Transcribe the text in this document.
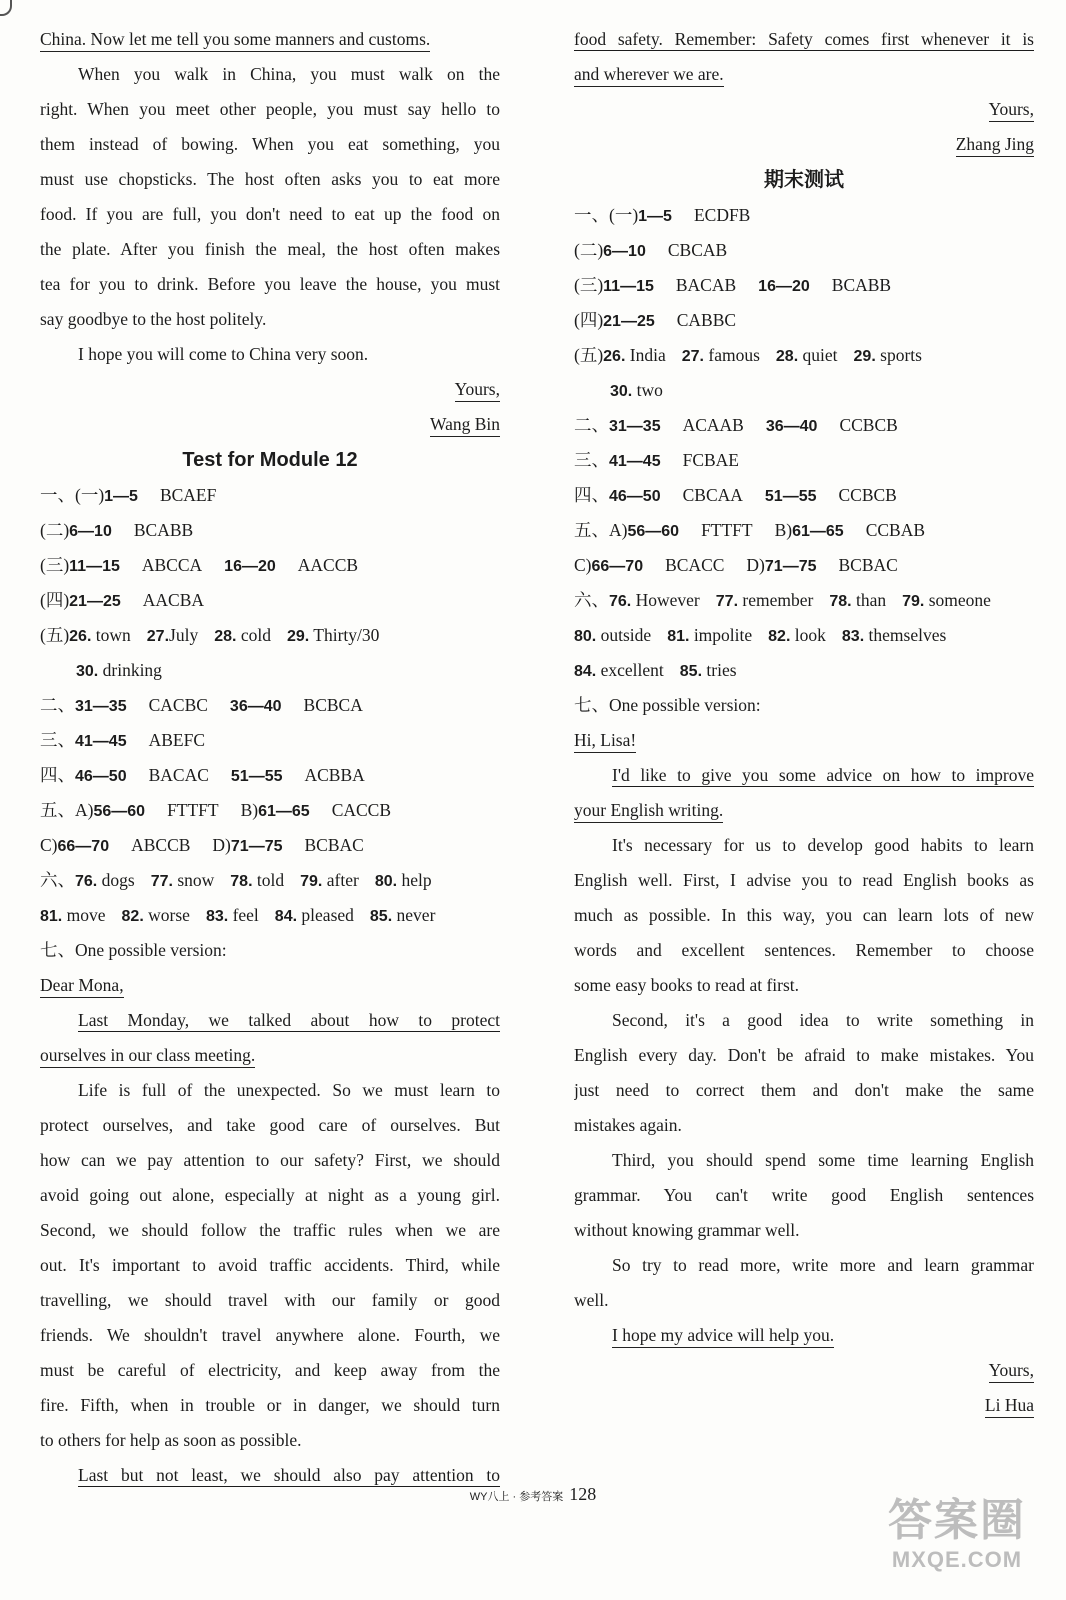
China. Now let me tell you some manners and customs.
When you walk in China, you must walk on the
right. When you meet other people, you must say hello to
them instead of bowing. When you eat something, you
must use chopsticks. The host often asks you to eat more
food. If you are full, you don't need to eat up the food on
the plate. After you finish the meal, the host often makes
tea for you to drink. Before you leave the house, you must
say goodbye to the host politely.
I hope you will come to China very soon.
Yours,
Wang Bin
Test for Module 12
一、(一)1—5 BCAEF
(二)6—10 BCABB
(三)11—15 ABCCA 16—20 AACCB
(四)21—25 AACBA
(五)26. town 27.July 28. cold 29. Thirty/30
30. drinking
二、31—35 CACBC 36—40 BCBCA
三、41—45 ABEFC
四、46—50 BACAC 51—55 ACBBA
五、A)56—60 FTTFT B)61—65 CACCB
C)66—70 ABCCB D)71—75 BCBAC
六、76. dogs 77. snow 78. told 79. after 80. help
81. move 82. worse 83. feel 84. pleased 85. never
七、One possible version:
Dear Mona,
Last Monday, we talked about how to protect
ourselves in our class meeting.
Life is full of the unexpected. So we must learn to
protect ourselves, and take good care of ourselves. But
how can we pay attention to our safety? First, we should
avoid going out alone, especially at night as a young girl.
Second, we should follow the traffic rules when we are
out. It's important to avoid traffic accidents. Third, while
travelling, we should travel with our family or good
friends. We shouldn't travel anywhere alone. Fourth, we
must be careful of electricity, and keep away from the
fire. Fifth, when in trouble or in danger, we should turn
to others for help as soon as possible.
Last but not least, we should also pay attention to
food safety. Remember: Safety comes first whenever it is
and wherever we are.
Yours,
Zhang Jing
期末测试
一、(一)1—5 ECDFB
(二)6—10 CBCAB
(三)11—15 BACAB 16—20 BCABB
(四)21—25 CABBC
(五)26. India 27. famous 28. quiet 29. sports
30. two
二、31—35 ACAAB 36—40 CCBCB
三、41—45 FCBAE
四、46—50 CBCAA 51—55 CCBCB
五、A)56—60 FTTFT B)61—65 CCBAB
C)66—70 BCACC D)71—75 BCBAC
六、76. However 77. remember 78. than 79. someone
80. outside 81. impolite 82. look 83. themselves
84. excellent 85. tries
七、One possible version:
Hi, Lisa!
I'd like to give you some advice on how to improve
your English writing.
It's necessary for us to develop good habits to learn
English well. First, I advise you to read English books as
much as possible. In this way, you can learn lots of new
words and excellent sentences. Remember to choose
some easy books to read at first.
Second, it's a good idea to write something in
English every day. Don't be afraid to make mistakes. You
just need to correct them and don't make the same
mistakes again.
Third, you should spend some time learning English
grammar. You can't write good English sentences
without knowing grammar well.
So try to read more, write more and learn grammar
well.
I hope my advice will help you.
Yours,
Li Hua
WY八上 · 参考答案 128
答案圈
MXQE.COM
